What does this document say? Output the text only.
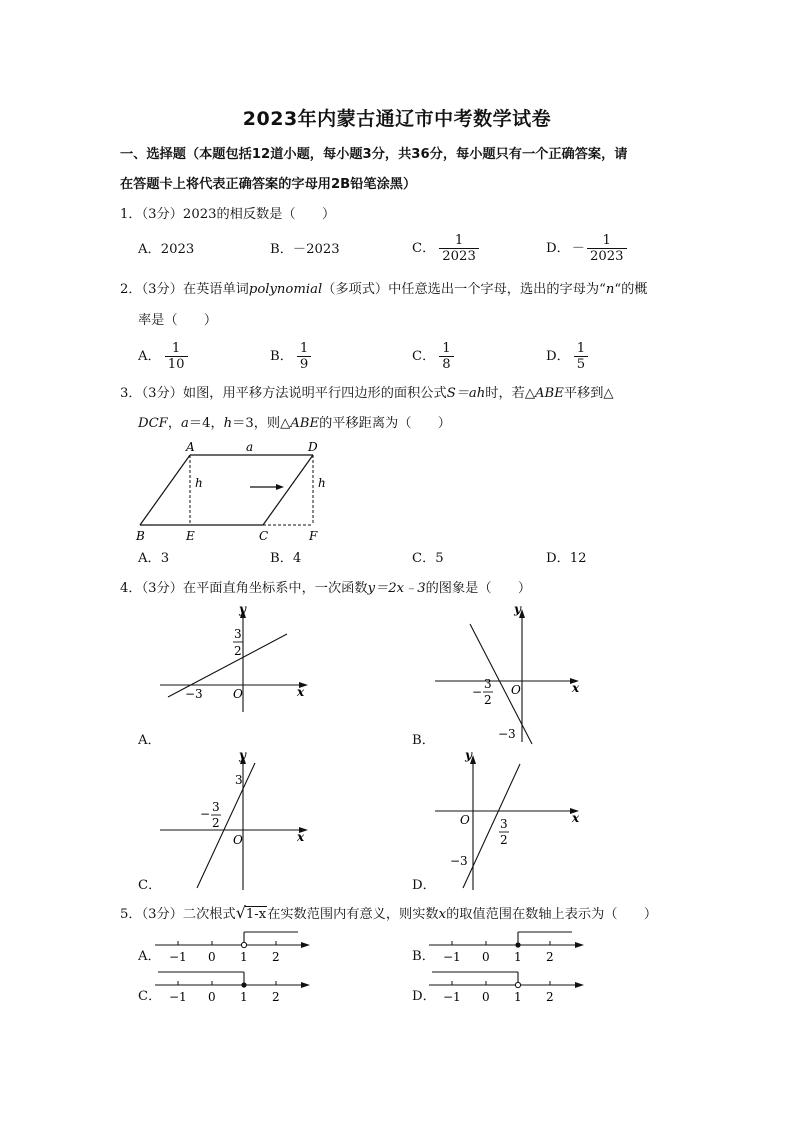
2023年内蒙古通辽市中考数学试卷
一、选择题（本题包括12道小题，每小题3分，共36分，每小题只有一个正确答案，请
在答题卡上将代表正确答案的字母用2B铅笔涂黑）
1．（3分）2023的相反数是（　　）
A．2023	B．－2023	C． $\frac{1}{2023}$	D． － $\frac{1}{2023}$
2．（3分）在英语单词polynomial（多项式）中任意选出一个字母，选出的字母为“n“的概
率是（　　）
A． $\frac{1}{10}$	B． $\frac{1}{9}$	C． $\frac{1}{8}$	D． $\frac{1}{5}$
3．（3分）如图，用平移方法说明平行四边形的面积公式S＝ah时，若△ABE平移到△
DCF，a＝4，h＝3，则△ABE的平移距离为（　　）
A	a	D
h	h
B	E	C	F
A．3	B．4	C．5	D．12
4．（3分）在平面直角坐标系中，一次函数y＝2x﹣3的图象是（　　）
y
x
O
−3
3
2
A．
y
x
O
−
3
2
−3
B．
y
x
O
3
− 3
2
C．
y
x
O	3
2
−3
D．
5．（3分）二次根式√1-x在实数范围内有意义，则实数x的取值范围在数轴上表示为（　　）
A． −1 0 1 2	B． −1 0 1 2
C． −1 0 1 2	D． −1 0 1 2
